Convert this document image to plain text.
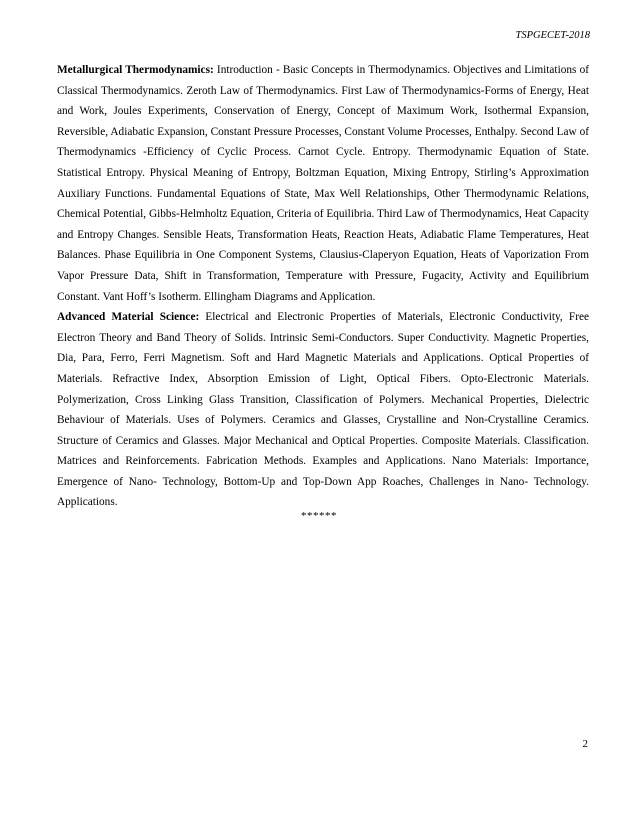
TSPGECET-2018

Metallurgical Thermodynamics: Introduction - Basic Concepts in Thermodynamics. Objectives and Limitations of Classical Thermodynamics. Zeroth Law of Thermodynamics. First Law of Thermodynamics-Forms of Energy, Heat and Work, Joules Experiments, Conservation of Energy, Concept of Maximum Work, Isothermal Expansion, Reversible, Adiabatic Expansion, Constant Pressure Processes, Constant Volume Processes, Enthalpy. Second Law of Thermodynamics -Efficiency of Cyclic Process. Carnot Cycle. Entropy. Thermodynamic Equation of State. Statistical Entropy. Physical Meaning of Entropy, Boltzman Equation, Mixing Entropy, Stirling’s Approximation Auxiliary Functions. Fundamental Equations of State, Max Well Relationships, Other Thermodynamic Relations, Chemical Potential, Gibbs-Helmholtz Equation, Criteria of Equilibria. Third Law of Thermodynamics, Heat Capacity and Entropy Changes. Sensible Heats, Transformation Heats, Reaction Heats, Adiabatic Flame Temperatures, Heat Balances. Phase Equilibria in One Component Systems, Clausius-Claperyon Equation, Heats of Vaporization From Vapor Pressure Data, Shift in Transformation, Temperature with Pressure, Fugacity, Activity and Equilibrium Constant. Vant Hoff’s Isotherm. Ellingham Diagrams and Application.

Advanced Material Science: Electrical and Electronic Properties of Materials, Electronic Conductivity, Free Electron Theory and Band Theory of Solids. Intrinsic Semi-Conductors. Super Conductivity. Magnetic Properties, Dia, Para, Ferro, Ferri Magnetism. Soft and Hard Magnetic Materials and Applications. Optical Properties of Materials. Refractive Index, Absorption Emission of Light, Optical Fibers. Opto-Electronic Materials. Polymerization, Cross Linking Glass Transition, Classification of Polymers. Mechanical Properties, Dielectric Behaviour of Materials. Uses of Polymers. Ceramics and Glasses, Crystalline and Non-Crystalline Ceramics. Structure of Ceramics and Glasses. Major Mechanical and Optical Properties. Composite Materials. Classification. Matrices and Reinforcements. Fabrication Methods. Examples and Applications. Nano Materials: Importance, Emergence of Nano- Technology, Bottom-Up and Top-Down App Roaches, Challenges in Nano- Technology. Applications.

******
2
